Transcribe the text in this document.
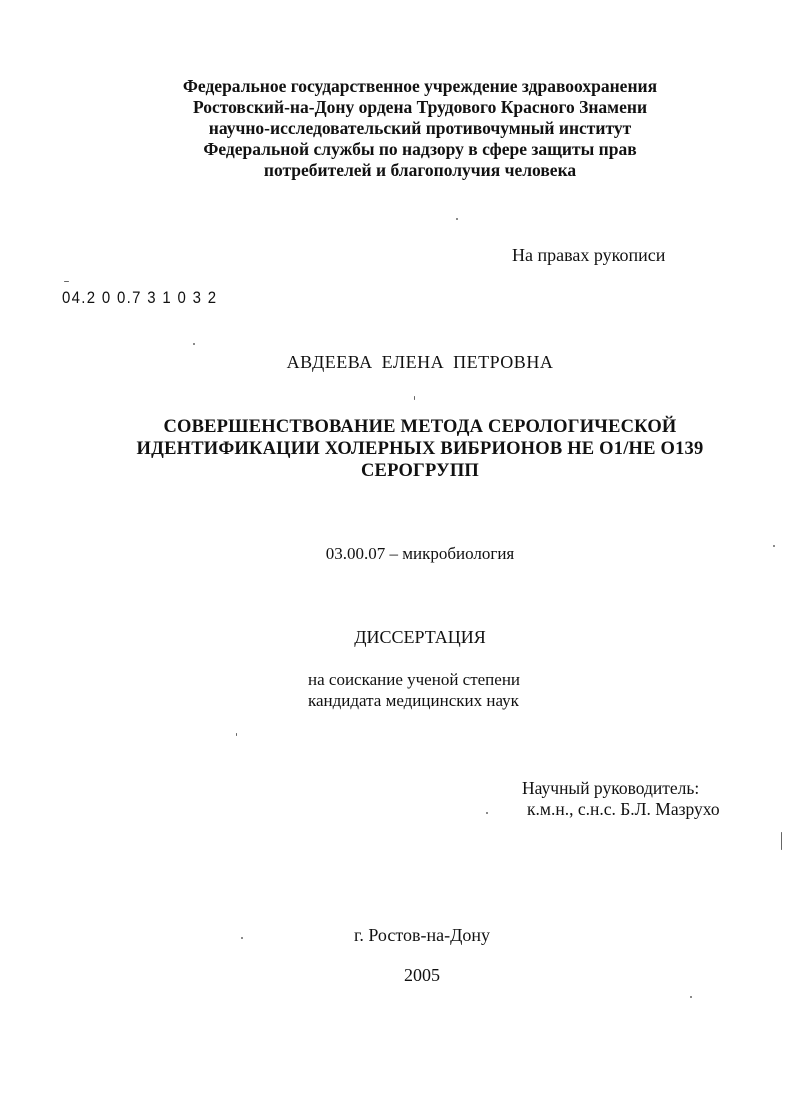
Федеральное государственное учреждение здравоохранения
Ростовский-на-Дону ордена Трудового Красного Знамени
научно-исследовательский противочумный институт
Федеральной службы по надзору в сфере защиты прав
потребителей и благополучия человека
На правах рукописи
04.2 0 0.7 3 1 0 3 2
АВДЕЕВА ЕЛЕНА ПЕТРОВНА
СОВЕРШЕНСТВОВАНИЕ МЕТОДА СЕРОЛОГИЧЕСКОЙ
ИДЕНТИФИКАЦИИ ХОЛЕРНЫХ ВИБРИОНОВ НЕ О1/НЕ О139
СЕРОГРУПП
03.00.07 – микробиология
ДИССЕРТАЦИЯ
на соискание ученой степени
кандидата медицинских наук
Научный руководитель:
к.м.н., с.н.с. Б.Л. Мазрухо
г. Ростов-на-Дону
2005
